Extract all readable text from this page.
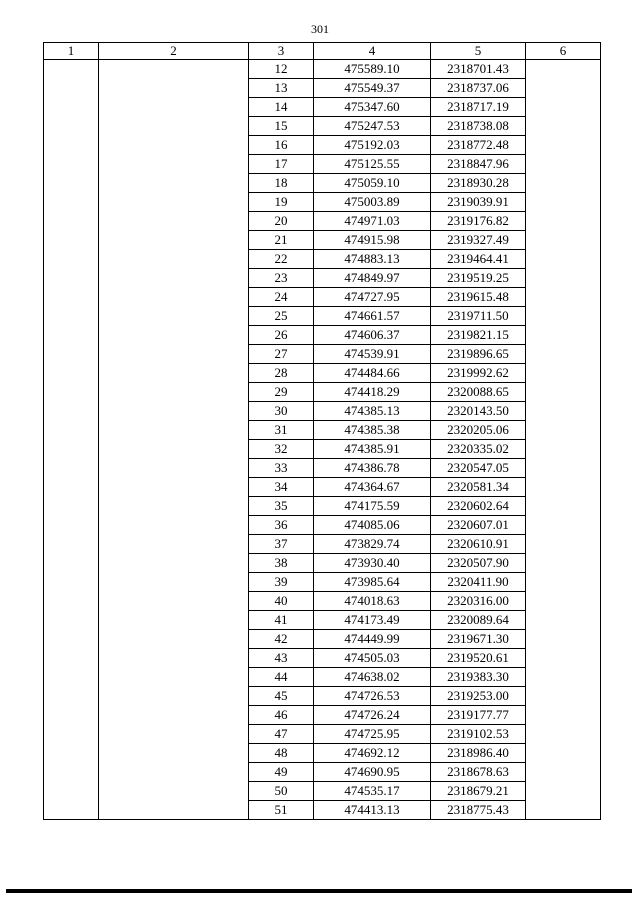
301
1	2	3	4	5	6
		12	475589.10	2318701.43	
		13	475549.37	2318737.06	
		14	475347.60	2318717.19	
		15	475247.53	2318738.08	
		16	475192.03	2318772.48	
		17	475125.55	2318847.96	
		18	475059.10	2318930.28	
		19	475003.89	2319039.91	
		20	474971.03	2319176.82	
		21	474915.98	2319327.49	
		22	474883.13	2319464.41	
		23	474849.97	2319519.25	
		24	474727.95	2319615.48	
		25	474661.57	2319711.50	
		26	474606.37	2319821.15	
		27	474539.91	2319896.65	
		28	474484.66	2319992.62	
		29	474418.29	2320088.65	
		30	474385.13	2320143.50	
		31	474385.38	2320205.06	
		32	474385.91	2320335.02	
		33	474386.78	2320547.05	
		34	474364.67	2320581.34	
		35	474175.59	2320602.64	
		36	474085.06	2320607.01	
		37	473829.74	2320610.91	
		38	473930.40	2320507.90	
		39	473985.64	2320411.90	
		40	474018.63	2320316.00	
		41	474173.49	2320089.64	
		42	474449.99	2319671.30	
		43	474505.03	2319520.61	
		44	474638.02	2319383.30	
		45	474726.53	2319253.00	
		46	474726.24	2319177.77	
		47	474725.95	2319102.53	
		48	474692.12	2318986.40	
		49	474690.95	2318678.63	
		50	474535.17	2318679.21	
		51	474413.13	2318775.43	
